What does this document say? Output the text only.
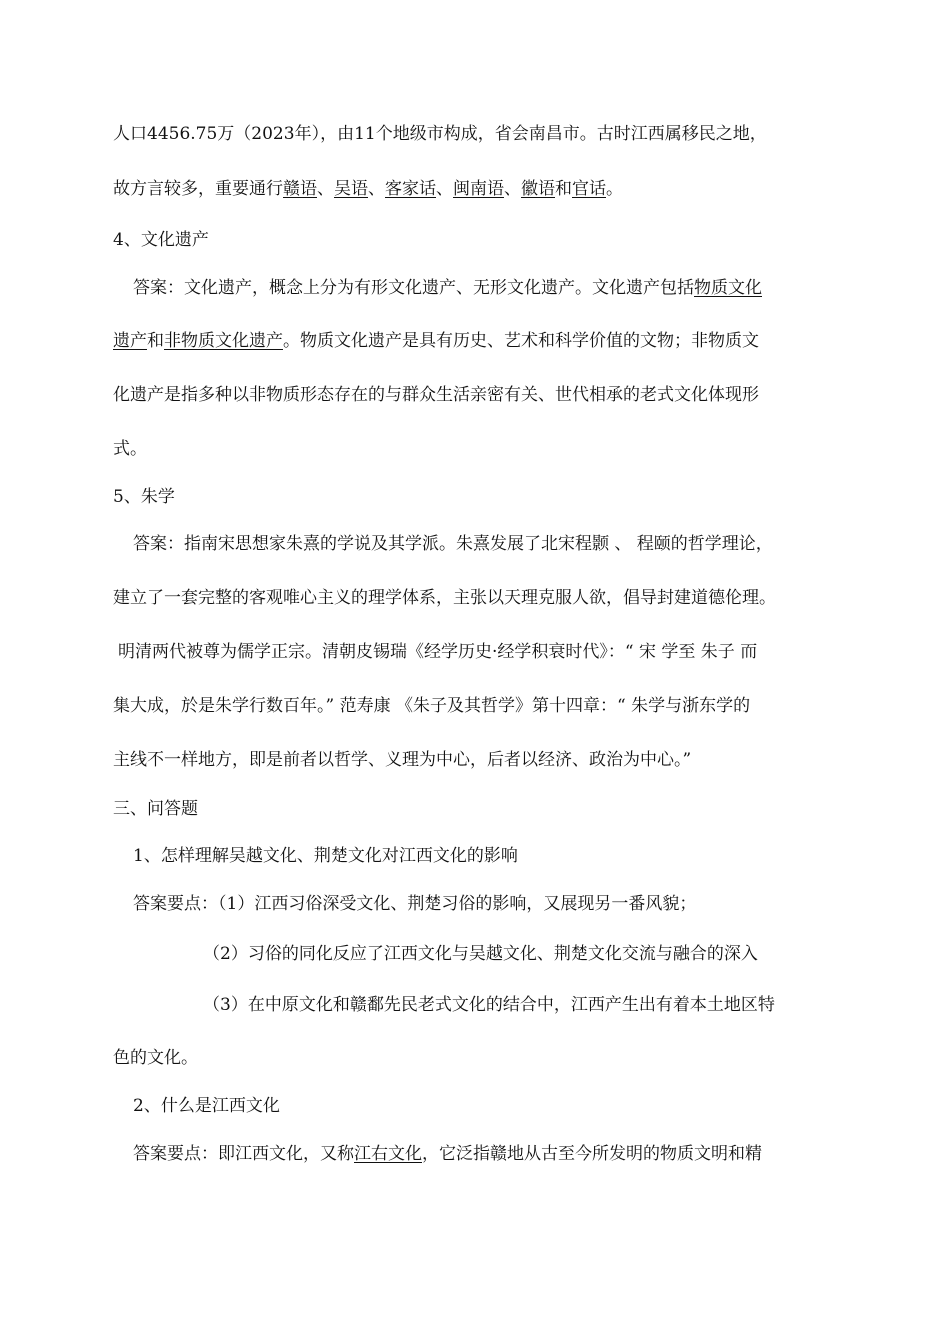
人口4456.75万（2023年），由11个地级市构成，省会南昌市。古时江西属移民之地，
故方言较多，重要通行赣语、吴语、客家话、闽南语、徽语和官话。
4、文化遗产
答案：文化遗产，概念上分为有形文化遗产、无形文化遗产。文化遗产包括物质文化
遗产和非物质文化遗产。物质文化遗产是具有历史、艺术和科学价值的文物；非物质文
化遗产是指多种以非物质形态存在的与群众生活亲密有关、世代相承的老式文化体现形
式。
5、朱学
答案：指南宋思想家朱熹的学说及其学派。朱熹发展了北宋程颢 、 程颐的哲学理论，
建立了一套完整的客观唯心主义的理学体系，主张以天理克服人欲，倡导封建道德伦理。
明清两代被尊为儒学正宗。清朝皮锡瑞《经学历史·经学积衰时代》：“ 宋 学至 朱子 而
集大成，於是朱学行数百年。” 范寿康 《朱子及其哲学》第十四章：“ 朱学与浙东学的
主线不一样地方，即是前者以哲学、义理为中心，后者以经济、政治为中心。”
三、问答题
1、怎样理解吴越文化、荆楚文化对江西文化的影响
答案要点：（1）江西习俗深受文化、荆楚习俗的影响，又展现另一番风貌；
（2）习俗的同化反应了江西文化与吴越文化、荆楚文化交流与融合的深入
（3）在中原文化和赣鄱先民老式文化的结合中，江西产生出有着本土地区特
色的文化。
2、什么是江西文化
答案要点：即江西文化，又称江右文化，它泛指赣地从古至今所发明的物质文明和精
